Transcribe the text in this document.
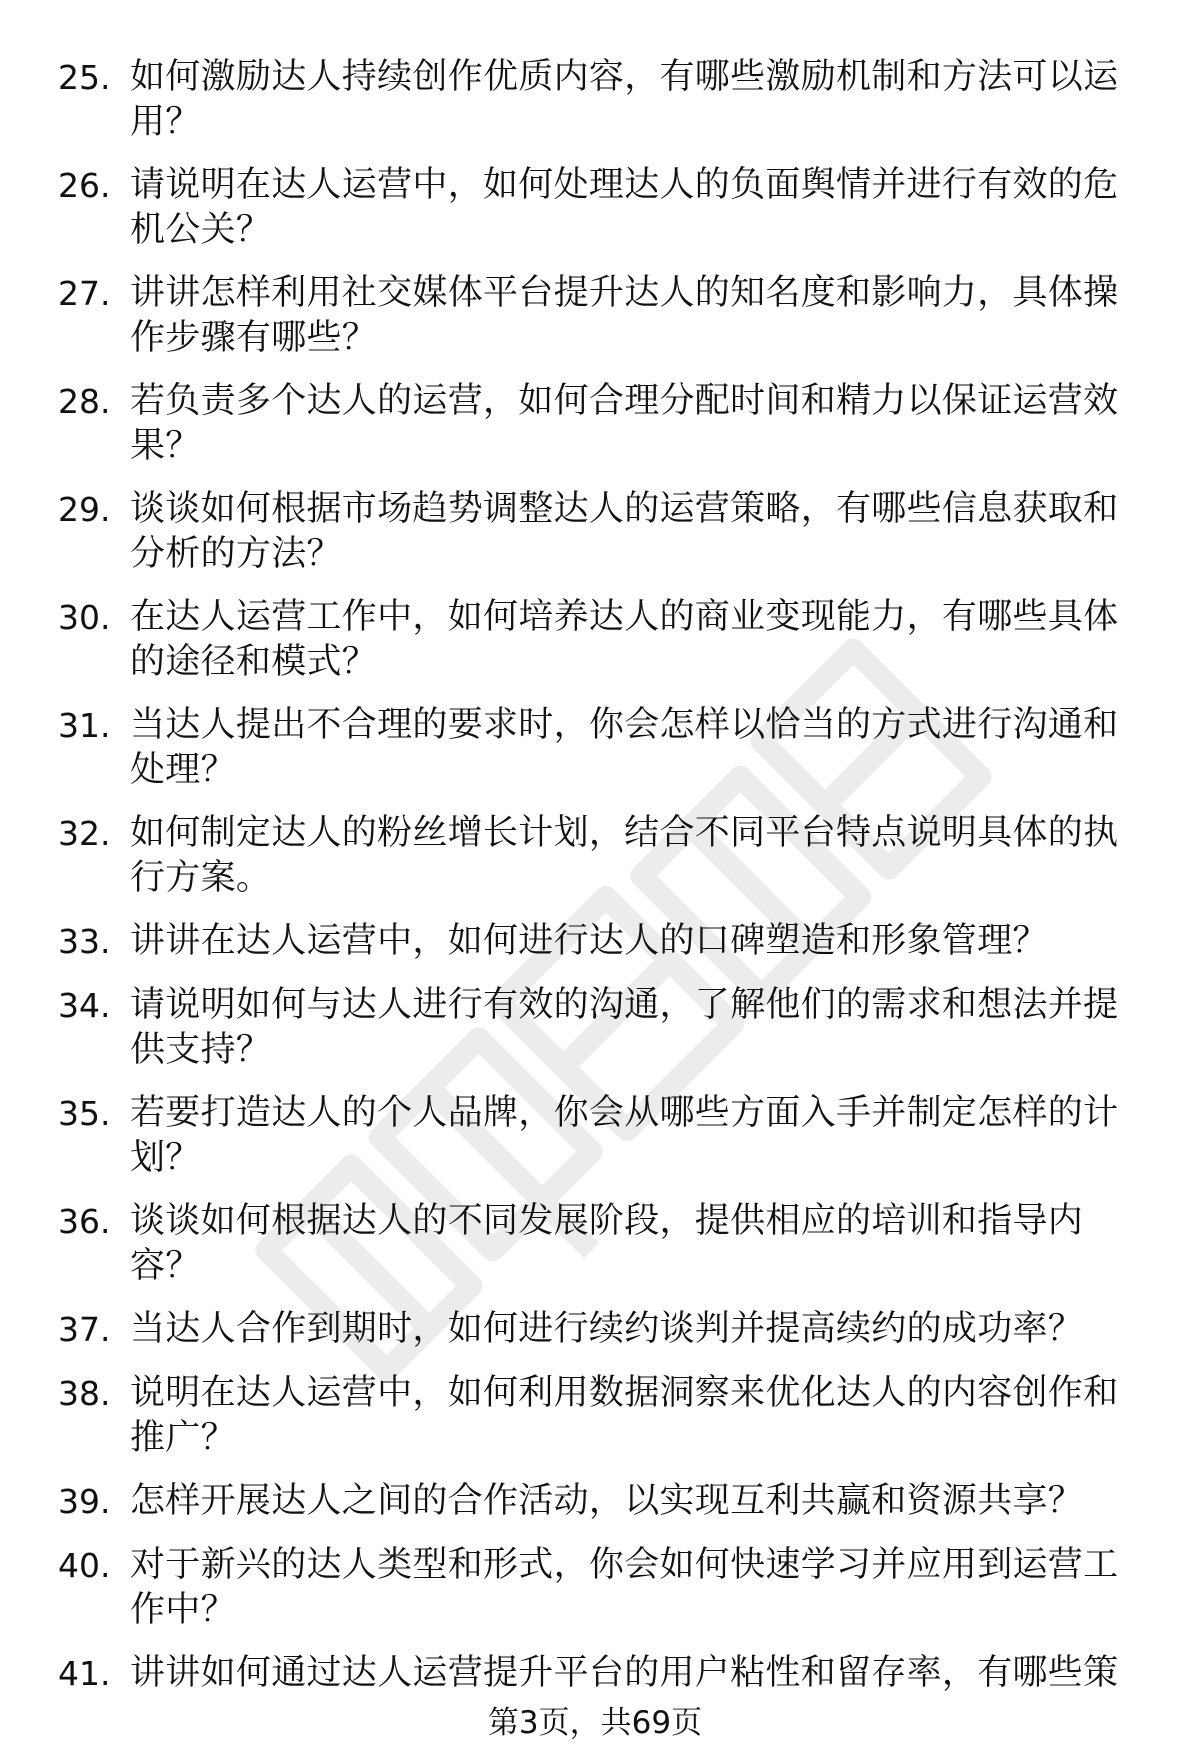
25. 如何激励达人持续创作优质内容，有哪些激励机制和方法可以运
用？
26. 请说明在达人运营中，如何处理达人的负面舆情并进行有效的危
机公关？
27. 讲讲怎样利用社交媒体平台提升达人的知名度和影响力，具体操
作步骤有哪些？
28. 若负责多个达人的运营，如何合理分配时间和精力以保证运营效
果？
29. 谈谈如何根据市场趋势调整达人的运营策略，有哪些信息获取和
分析的方法？
30. 在达人运营工作中，如何培养达人的商业变现能力，有哪些具体
的途径和模式？
31. 当达人提出不合理的要求时，你会怎样以恰当的方式进行沟通和
处理？
32. 如何制定达人的粉丝增长计划，结合不同平台特点说明具体的执
行方案。
33. 讲讲在达人运营中，如何进行达人的口碑塑造和形象管理？
34. 请说明如何与达人进行有效的沟通，了解他们的需求和想法并提
供支持？
35. 若要打造达人的个人品牌，你会从哪些方面入手并制定怎样的计
划？
36. 谈谈如何根据达人的不同发展阶段，提供相应的培训和指导内
容？
37. 当达人合作到期时，如何进行续约谈判并提高续约的成功率？
38. 说明在达人运营中，如何利用数据洞察来优化达人的内容创作和
推广？
39. 怎样开展达人之间的合作活动，以实现互利共赢和资源共享？
40. 对于新兴的达人类型和形式，你会如何快速学习并应用到运营工
作中？
41. 讲讲如何通过达人运营提升平台的用户粘性和留存率，有哪些策
第3页，共69页
